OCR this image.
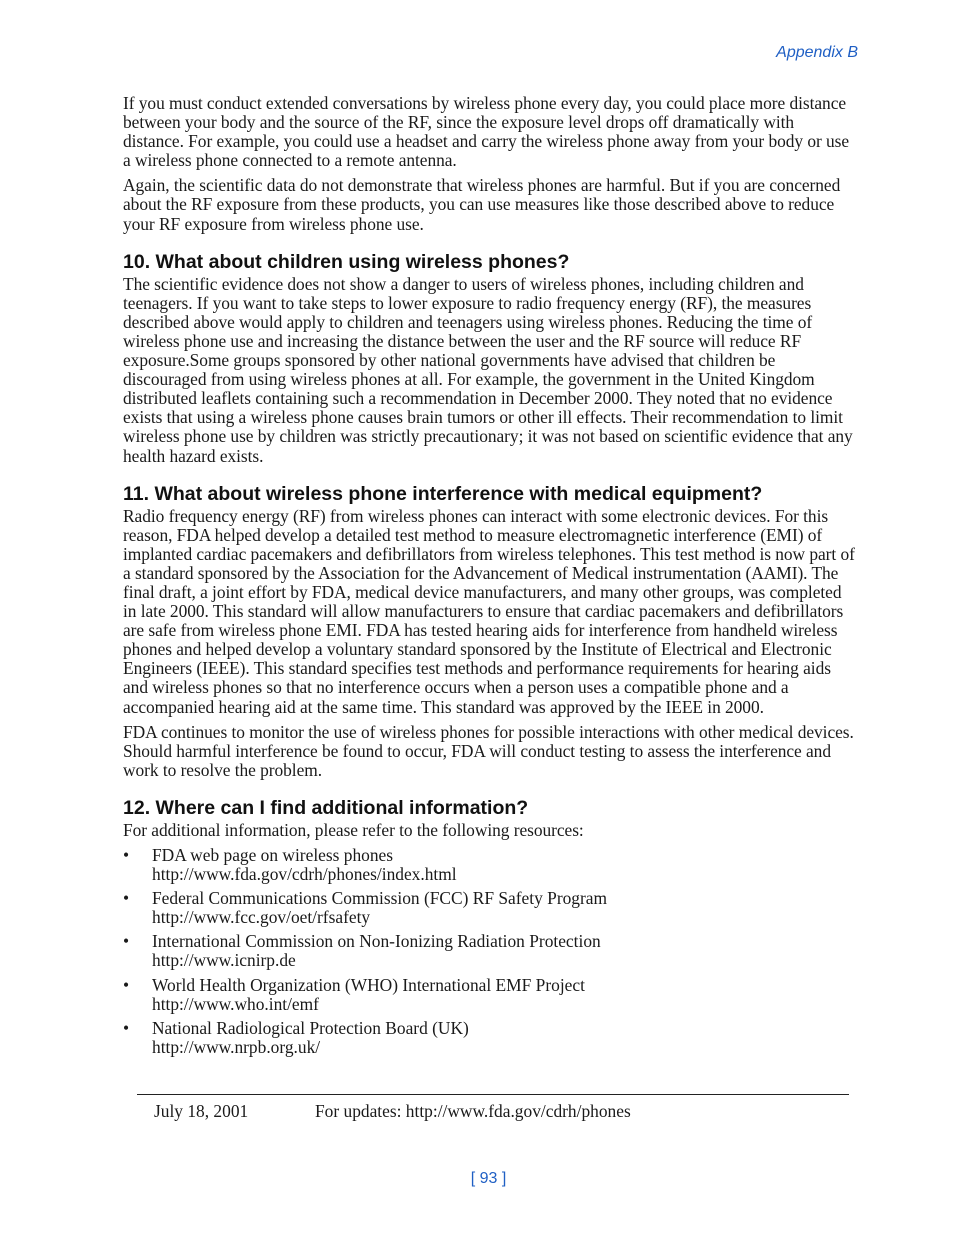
Appendix B

If you must conduct extended conversations by wireless phone every day, you could place more distance between your body and the source of the RF, since the exposure level drops off dramatically with distance. For example, you could use a headset and carry the wireless phone away from your body or use a wireless phone connected to a remote antenna.

Again, the scientific data do not demonstrate that wireless phones are harmful. But if you are concerned about the RF exposure from these products, you can use measures like those described above to reduce your RF exposure from wireless phone use.

10. What about children using wireless phones?

The scientific evidence does not show a danger to users of wireless phones, including children and teenagers. If you want to take steps to lower exposure to radio frequency energy (RF), the measures described above would apply to children and teenagers using wireless phones. Reducing the time of wireless phone use and increasing the distance between the user and the RF source will reduce RF exposure.Some groups sponsored by other national governments have advised that children be discouraged from using wireless phones at all. For example, the government in the United Kingdom distributed leaflets containing such a recommendation in December 2000. They noted that no evidence exists that using a wireless phone causes brain tumors or other ill effects. Their recommendation to limit wireless phone use by children was strictly precautionary; it was not based on scientific evidence that any health hazard exists.

11. What about wireless phone interference with medical equipment?

Radio frequency energy (RF) from wireless phones can interact with some electronic devices. For this reason, FDA helped develop a detailed test method to measure electromagnetic interference (EMI) of implanted cardiac pacemakers and defibrillators from wireless telephones. This test method is now part of a standard sponsored by the Association for the Advancement of Medical instrumentation (AAMI). The final draft, a joint effort by FDA, medical device manufacturers, and many other groups, was completed in late 2000. This standard will allow manufacturers to ensure that cardiac pacemakers and defibrillators are safe from wireless phone EMI. FDA has tested hearing aids for interference from handheld wireless phones and helped develop a voluntary standard sponsored by the Institute of Electrical and Electronic Engineers (IEEE). This standard specifies test methods and performance requirements for hearing aids and wireless phones so that no interference occurs when a person uses a compatible phone and a accompanied hearing aid at the same time. This standard was approved by the IEEE in 2000.

FDA continues to monitor the use of wireless phones for possible interactions with other medical devices. Should harmful interference be found to occur, FDA will conduct testing to assess the interference and work to resolve the problem.

12. Where can I find additional information?

For additional information, please refer to the following resources:

• FDA web page on wireless phones
http://www.fda.gov/cdrh/phones/index.html
• Federal Communications Commission (FCC) RF Safety Program
http://www.fcc.gov/oet/rfsafety
• International Commission on Non-Ionizing Radiation Protection
http://www.icnirp.de
• World Health Organization (WHO) International EMF Project
http://www.who.int/emf
• National Radiological Protection Board (UK)
http://www.nrpb.org.uk/
July 18, 2001	For updates: http://www.fda.gov/cdrh/phones
[ 93 ]
